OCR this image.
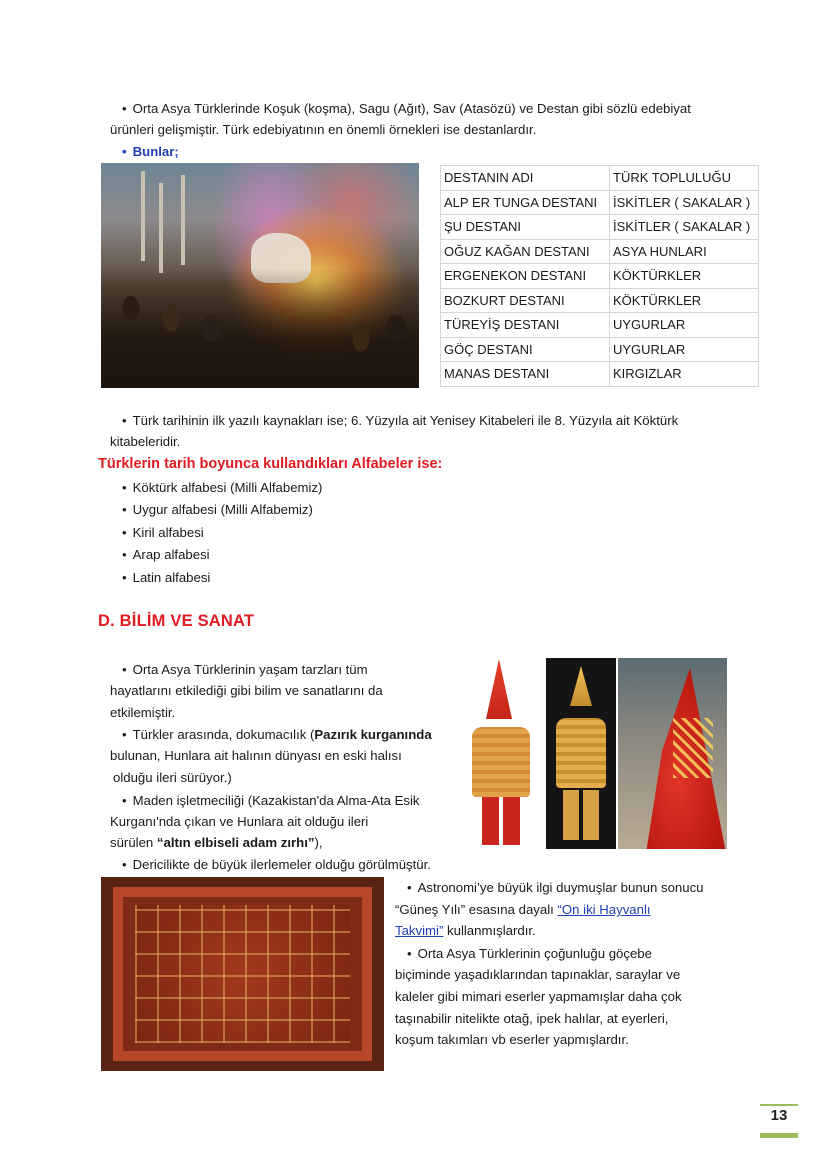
• Orta Asya Türklerinde Koşuk (koşma), Sagu (Ağıt), Sav (Atasözü) ve Destan gibi sözlü edebiyat
ürünleri gelişmiştir. Türk edebiyatının en önemli örnekleri ise destanlardır.
• Bunlar;
DESTANIN ADI	TÜRK TOPLULUĞU
ALP ER TUNGA DESTANI	İSKİTLER ( SAKALAR )
ŞU DESTANI	İSKİTLER ( SAKALAR )
OĞUZ KAĞAN DESTANI	ASYA HUNLARI
ERGENEKON DESTANI	KÖKTÜRKLER
BOZKURT DESTANI	KÖKTÜRKLER
TÜREYİŞ DESTANI	UYGURLAR
GÖÇ DESTANI	UYGURLAR
MANAS DESTANI	KIRGIZLAR
• Türk tarihinin ilk yazılı kaynakları ise; 6. Yüzyıla ait Yenisey Kitabeleri ile 8. Yüzyıla ait Köktürk
kitabeleridir.
Türklerin tarih boyunca kullandıkları Alfabeler ise:
• Köktürk alfabesi (Milli Alfabemiz)
• Uygur alfabesi (Milli Alfabemiz)
• Kiril alfabesi
• Arap alfabesi
• Latin alfabesi
D. BİLİM VE SANAT
• Orta Asya Türklerinin yaşam tarzları tüm
hayatlarını etkilediği gibi bilim ve sanatlarını da
etkilemiştir.
• Türkler arasında, dokumacılık (Pazırık kurganında
bulunan, Hunlara ait halının dünyası en eski halısı
olduğu ileri sürüyor.)
• Maden işletmeciliği (Kazakistan'da Alma-Ata Esik
Kurganı'nda çıkan ve Hunlara ait olduğu ileri
sürülen “altın elbiseli adam zırhı”),
• Dericilikte de büyük ilerlemeler olduğu görülmüştür.
• Astronomi’ye büyük ilgi duymuşlar bunun sonucu
“Güneş Yılı” esasına dayalı “On iki Hayvanlı
Takvimi” kullanmışlardır.
• Orta Asya Türklerinin çoğunluğu göçebe
biçiminde yaşadıklarından tapınaklar, saraylar ve
kaleler gibi mimari eserler yapmamışlar daha çok
taşınabilir nitelikte otağ, ipek halılar, at eyerleri,
koşum takımları vb eserler yapmışlardır.
13
